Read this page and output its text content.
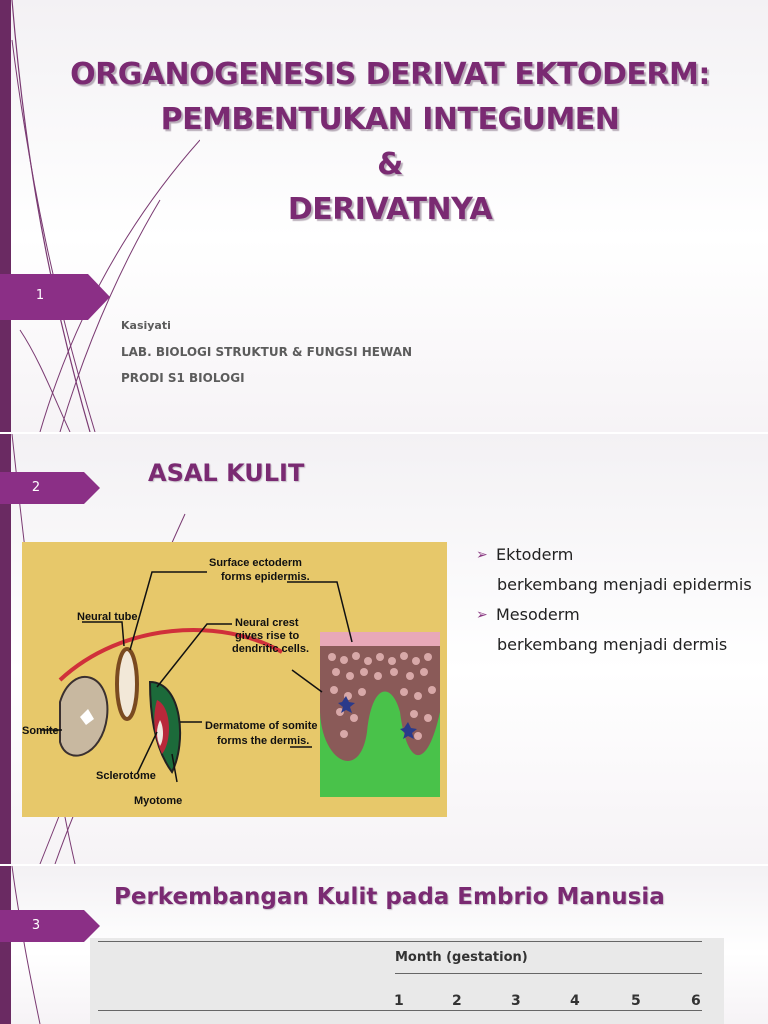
1
ORGANOGENESIS DERIVAT EKTODERM:
PEMBENTUKAN INTEGUMEN
&
DERIVATNYA
Kasiyati
LAB. BIOLOGI STRUKTUR & FUNGSI HEWAN
PRODI S1 BIOLOGI
2
ASAL KULIT
Surface ectoderm
forms epidermis.
Neural tube	Neural crest
gives rise to
dendritic cells.
Somite	Dermatome of somite
forms the dermis.
Sclerotome
Myotome
➢ Ektoderm
berkembang menjadi epidermis
➢ Mesoderm
berkembang menjadi dermis
3
Perkembangan Kulit pada Embrio Manusia
Month (gestation)
1	2	3	4	5	6
